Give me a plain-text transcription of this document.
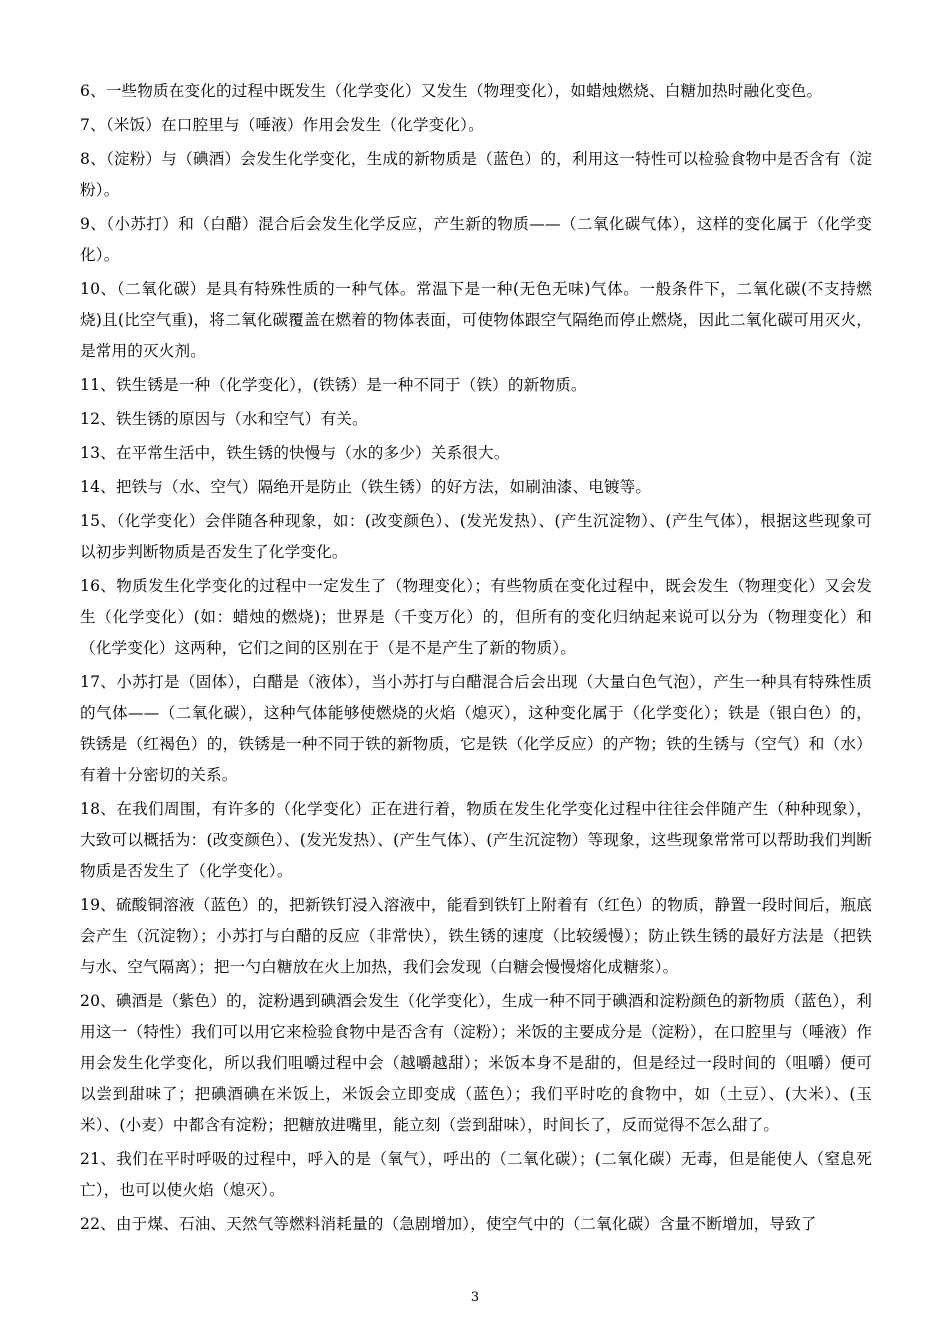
6、一些物质在变化的过程中既发生（化学变化）又发生（物理变化），如蜡烛燃烧、白糖加热时融化变色。

7、（米饭）在口腔里与（唾液）作用会发生（化学变化）。

8、（淀粉）与（碘酒）会发生化学变化，生成的新物质是（蓝色）的，利用这一特性可以检验食物中是否含有（淀粉）。

9、（小苏打）和（白醋）混合后会发生化学反应，产生新的物质——（二氧化碳气体），这样的变化属于（化学变化）。

10、（二氧化碳）是具有特殊性质的一种气体。常温下是一种(无色无味)气体。一般条件下，二氧化碳(不支持燃烧)且(比空气重)，将二氧化碳覆盖在燃着的物体表面，可使物体跟空气隔绝而停止燃烧，因此二氧化碳可用灭火，是常用的灭火剂。

11、铁生锈是一种（化学变化），(铁锈）是一种不同于（铁）的新物质。

12、铁生锈的原因与（水和空气）有关。

13、在平常生活中，铁生锈的快慢与（水的多少）关系很大。

14、把铁与（水、空气）隔绝开是防止（铁生锈）的好方法，如刷油漆、电镀等。

15、（化学变化）会伴随各种现象，如：(改变颜色）、(发光发热）、(产生沉淀物）、(产生气体），根据这些现象可以初步判断物质是否发生了化学变化。

16、物质发生化学变化的过程中一定发生了（物理变化）；有些物质在变化过程中，既会发生（物理变化）又会发生（化学变化）(如：蜡烛的燃烧)；世界是（千变万化）的，但所有的变化归纳起来说可以分为（物理变化）和（化学变化）这两种，它们之间的区别在于（是不是产生了新的物质）。

17、小苏打是（固体），白醋是（液体），当小苏打与白醋混合后会出现（大量白色气泡），产生一种具有特殊性质的气体——（二氧化碳），这种气体能够使燃烧的火焰（熄灭），这种变化属于（化学变化）；铁是（银白色）的，铁锈是（红褐色）的，铁锈是一种不同于铁的新物质，它是铁（化学反应）的产物；铁的生锈与（空气）和（水）有着十分密切的关系。

18、在我们周围，有许多的（化学变化）正在进行着，物质在发生化学变化过程中往往会伴随产生（种种现象），大致可以概括为：(改变颜色）、(发光发热）、(产生气体）、(产生沉淀物）等现象，这些现象常常可以帮助我们判断物质是否发生了（化学变化）。

19、硫酸铜溶液（蓝色）的，把新铁钉浸入溶液中，能看到铁钉上附着有（红色）的物质，静置一段时间后，瓶底会产生（沉淀物）；小苏打与白醋的反应（非常快），铁生锈的速度（比较缓慢）；防止铁生锈的最好方法是（把铁与水、空气隔离）；把一勺白糖放在火上加热，我们会发现（白糖会慢慢熔化成糖浆）。

20、碘酒是（紫色）的，淀粉遇到碘酒会发生（化学变化），生成一种不同于碘酒和淀粉颜色的新物质（蓝色），利用这一（特性）我们可以用它来检验食物中是否含有（淀粉）；米饭的主要成分是（淀粉），在口腔里与（唾液）作用会发生化学变化，所以我们咀嚼过程中会（越嚼越甜）；米饭本身不是甜的，但是经过一段时间的（咀嚼）便可以尝到甜味了；把碘酒碘在米饭上，米饭会立即变成（蓝色）；我们平时吃的食物中，如（土豆）、(大米）、(玉米）、(小麦）中都含有淀粉；把糖放进嘴里，能立刻（尝到甜味），时间长了，反而觉得不怎么甜了。

21、我们在平时呼吸的过程中，呼入的是（氧气），呼出的（二氧化碳）；(二氧化碳）无毒，但是能使人（窒息死亡），也可以使火焰（熄灭）。

22、由于煤、石油、天然气等燃料消耗量的（急剧增加），使空气中的（二氧化碳）含量不断增加，导致了

3
